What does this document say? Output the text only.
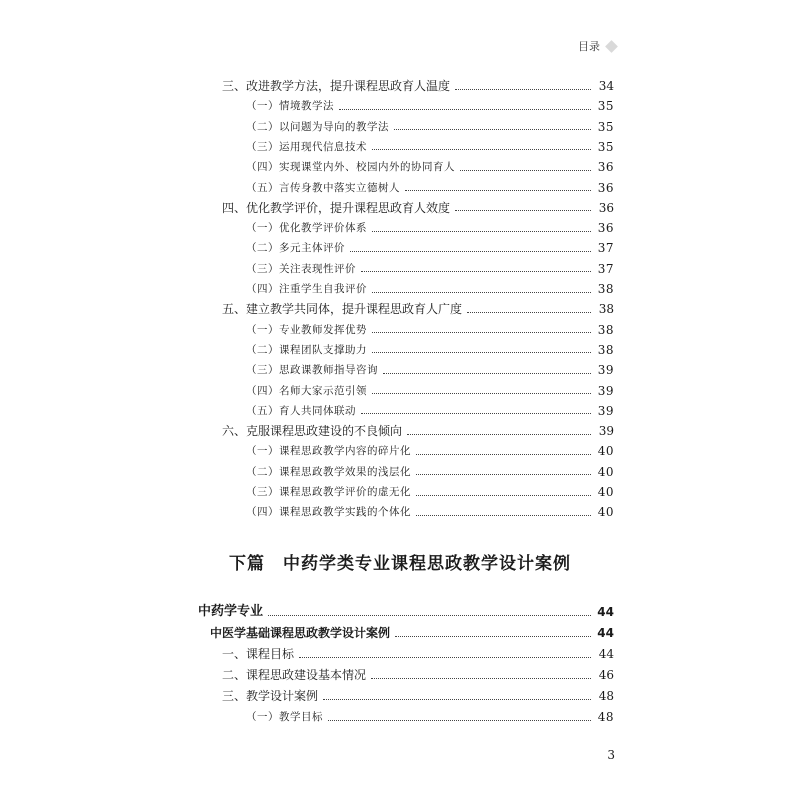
目录
三、改进教学方法，提升课程思政育人温度	34
（一）情境教学法	35
（二）以问题为导向的教学法	35
（三）运用现代信息技术	35
（四）实现课堂内外、校园内外的协同育人	36
（五）言传身教中落实立德树人	36
四、优化教学评价，提升课程思政育人效度	36
（一）优化教学评价体系	36
（二）多元主体评价	37
（三）关注表现性评价	37
（四）注重学生自我评价	38
五、建立教学共同体，提升课程思政育人广度	38
（一）专业教师发挥优势	38
（二）课程团队支撑助力	38
（三）思政课教师指导咨询	39
（四）名师大家示范引领	39
（五）育人共同体联动	39
六、克服课程思政建设的不良倾向	39
（一）课程思政教学内容的碎片化	40
（二）课程思政教学效果的浅层化	40
（三）课程思政教学评价的虚无化	40
（四）课程思政教学实践的个体化	40
下篇　中药学类专业课程思政教学设计案例
中药学专业	44
中医学基础课程思政教学设计案例	44
一、课程目标	44
二、课程思政建设基本情况	46
三、教学设计案例	48
（一）教学目标	48
3
